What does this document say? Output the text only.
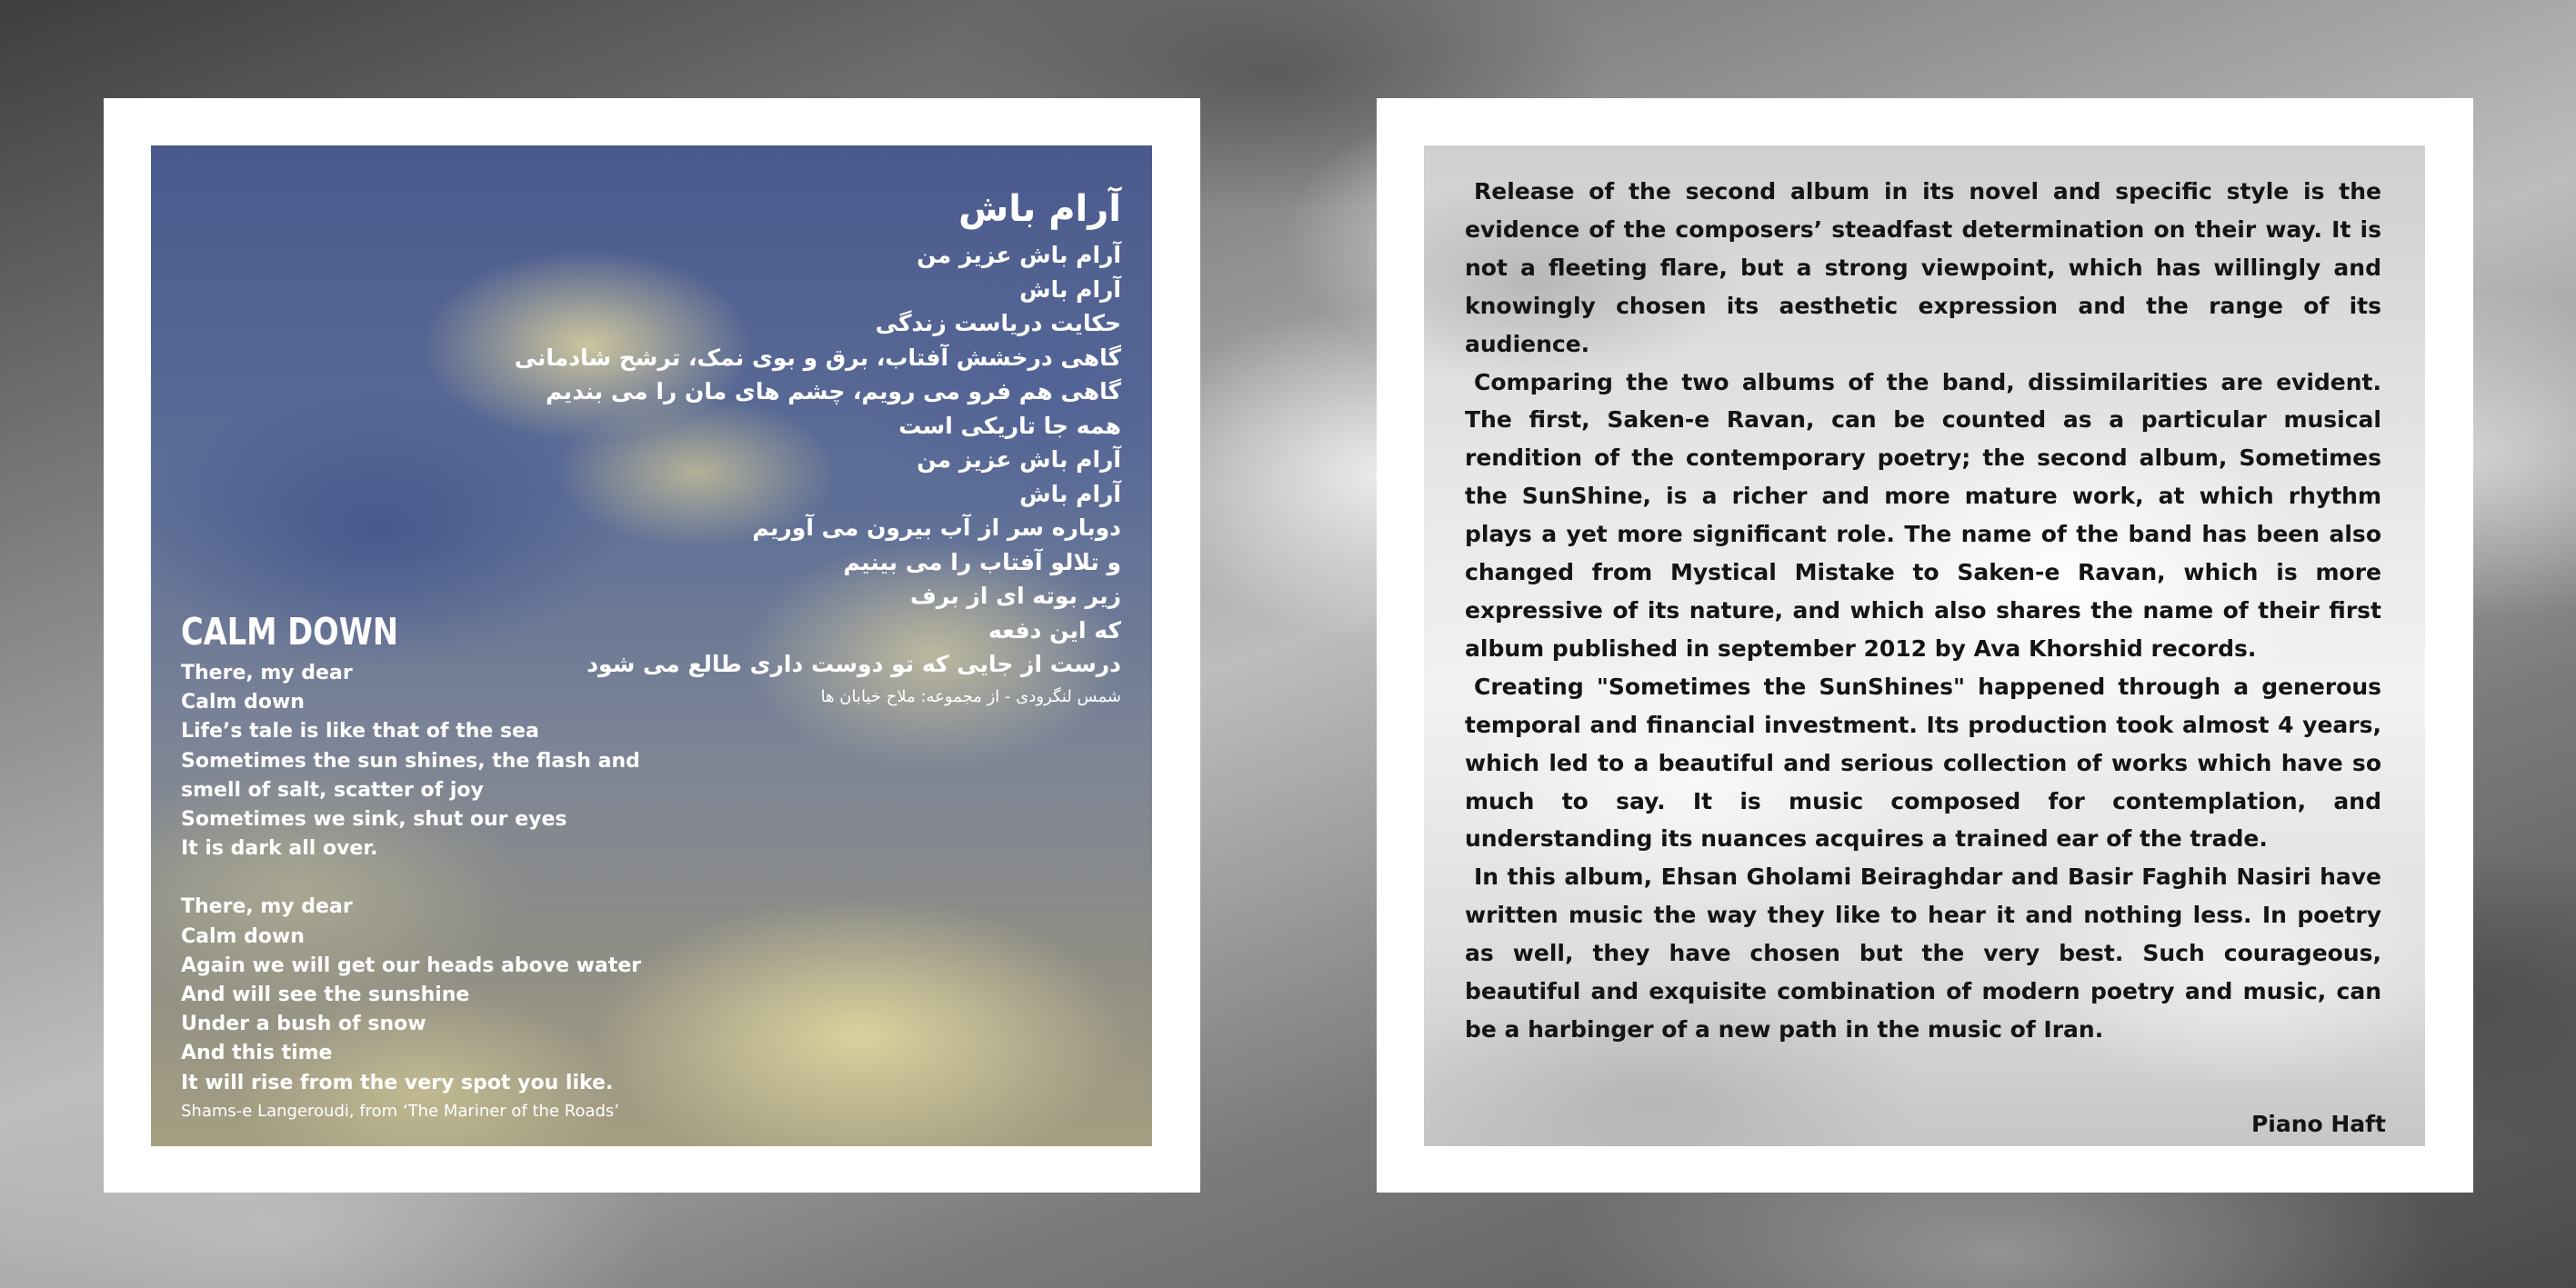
آرام باش
آرام باش عزیز من
آرام باش
حکایت دریاست زندگی
گاهی درخشش آفتاب، برق و بوی نمک، ترشح شادمانی
گاهی هم فرو می رویم، چشم های مان را می بندیم
همه جا تاریکی است
آرام باش عزیز من
آرام باش
دوباره سر از آب بیرون می آوریم
و تلالو آفتاب را می بینیم
زیر بوته ای از برف
که این دفعه
درست از جایی که تو دوست داری طالع می شود
شمس لنگرودی - از مجموعه: ملاح خیابان ها
CALM DOWN
There, my dear
Calm down
Life’s tale is like that of the sea
Sometimes the sun shines, the flash and
smell of salt, scatter of joy
Sometimes we sink, shut our eyes
It is dark all over.
There, my dear
Calm down
Again we will get our heads above water
And will see the sunshine
Under a bush of snow
And this time
It will rise from the very spot you like.
Shams-e Langeroudi, from ‘The Mariner of the Roads’

Release of the second album in its novel and specific style is the evidence of the composers’ steadfast determination on their way. It is not a fleeting flare, but a strong viewpoint, which has willingly and knowingly chosen its aesthetic expression and the range of its audience.

Comparing the two albums of the band, dissimilarities are evident. The first, Saken-e Ravan, can be counted as a particular musical rendition of the contemporary poetry; the second album, Sometimes the SunShine, is a richer and more mature work, at which rhythm plays a yet more significant role. The name of the band has been also changed from Mystical Mistake to Saken-e Ravan, which is more expressive of its nature, and which also shares the name of their first album published in september 2012 by Ava Khorshid records.

Creating "Sometimes the SunShines" happened through a generous temporal and financial investment. Its production took almost 4 years, which led to a beautiful and serious collection of works which have so much to say. It is music composed for contemplation, and understanding its nuances acquires a trained ear of the trade.

In this album, Ehsan Gholami Beiraghdar and Basir Faghih Nasiri have written music the way they like to hear it and nothing less. In poetry as well, they have chosen but the very best. Such courageous, beautiful and exquisite combination of modern poetry and music, can be a harbinger of a new path in the music of Iran.

Piano Haft
